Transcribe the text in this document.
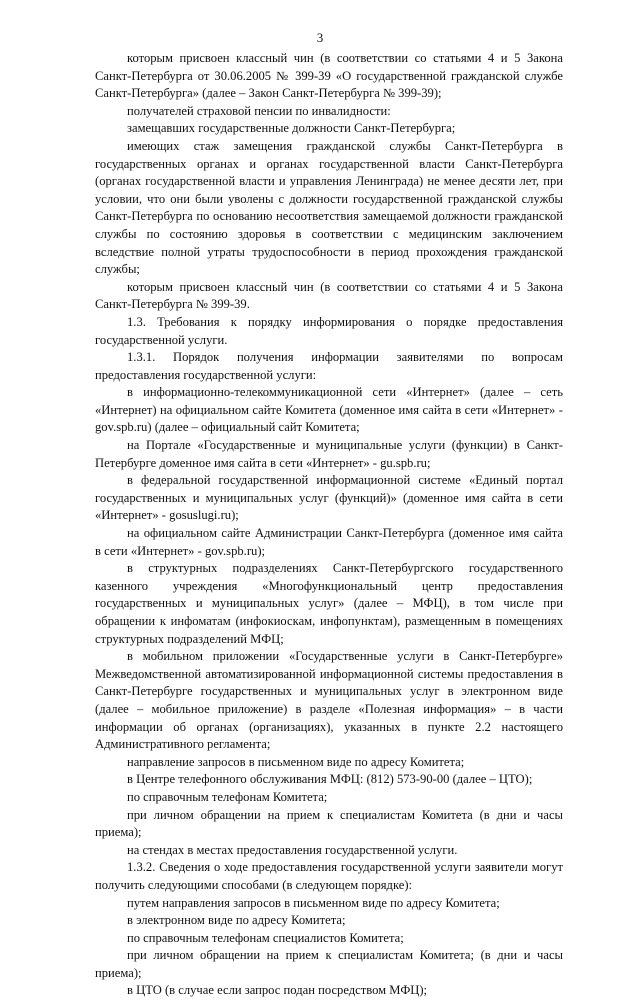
3

которым присвоен классный чин (в соответствии со статьями 4 и 5 Закона Санкт-Петербурга от 30.06.2005 № 399-39 «О государственной гражданской службе Санкт-Петербурга» (далее – Закон Санкт-Петербурга № 399-39);

получателей страховой пенсии по инвалидности:

замещавших государственные должности Санкт-Петербурга;

имеющих стаж замещения гражданской службы Санкт-Петербурга в государственных органах и органах государственной власти Санкт-Петербурга (органах государственной власти и управления Ленинграда) не менее десяти лет, при условии, что они были уволены с должности государственной гражданской службы Санкт-Петербурга по основанию несоответствия замещаемой должности гражданской службы по состоянию здоровья в соответствии с медицинским заключением вследствие полной утраты трудоспособности в период прохождения гражданской службы;

которым присвоен классный чин (в соответствии со статьями 4 и 5 Закона Санкт-Петербурга № 399-39.

1.3. Требования к порядку информирования о порядке предоставления государственной услуги.

1.3.1. Порядок получения информации заявителями по вопросам предоставления государственной услуги:

в информационно-телекоммуникационной сети «Интернет» (далее – сеть «Интернет) на официальном сайте Комитета (доменное имя сайта в сети «Интернет» - gov.spb.ru) (далее – официальный сайт Комитета;

на Портале «Государственные и муниципальные услуги (функции) в Санкт-Петербурге доменное имя сайта в сети «Интернет» - gu.spb.ru;

в федеральной государственной информационной системе «Единый портал государственных и муниципальных услуг (функций)» (доменное имя сайта в сети «Интернет» - gosuslugi.ru);

на официальном сайте Администрации Санкт-Петербурга (доменное имя сайта в сети «Интернет» - gov.spb.ru);

в структурных подразделениях Санкт-Петербургского государственного казенного учреждения «Многофункциональный центр предоставления государственных и муниципальных услуг» (далее – МФЦ), в том числе при обращении к инфоматам (инфокиоскам, инфопунктам), размещенным в помещениях структурных подразделений МФЦ;

в мобильном приложении «Государственные услуги в Санкт-Петербурге» Межведомственной автоматизированной информационной системы предоставления в Санкт-Петербурге государственных и муниципальных услуг в электронном виде (далее – мобильное приложение) в разделе «Полезная информация» – в части информации об органах (организациях), указанных в пункте 2.2 настоящего Административного регламента;

направление запросов в письменном виде по адресу Комитета;

в Центре телефонного обслуживания МФЦ: (812) 573-90-00 (далее – ЦТО);

по справочным телефонам Комитета;

при личном обращении на прием к специалистам Комитета (в дни и часы приема);

на стендах в местах предоставления государственной услуги.

1.3.2. Сведения о ходе предоставления государственной услуги заявители могут получить следующими способами (в следующем порядке):

путем направления запросов в письменном виде по адресу Комитета;

в электронном виде по адресу Комитета;

по справочным телефонам специалистов Комитета;

при личном обращении на прием к специалистам Комитета; (в дни и часы приема);

в ЦТО (в случае если запрос подан посредством МФЦ);
